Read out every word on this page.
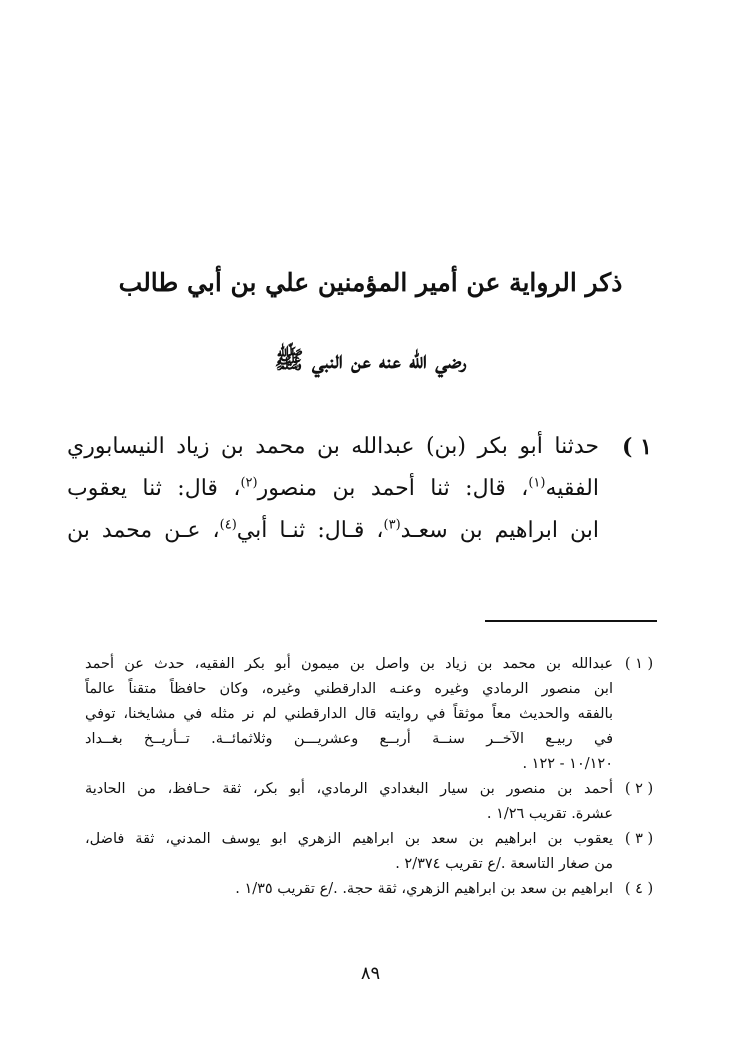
ذكر الرواية عن أمير المؤمنين علي بن أبي طالب
رضي الله عنه عن النبي ﷺ
١ )
حدثنا أبو بكر (بن) عبدالله بن محمد بن زياد النيسابوري
الفقيه$^{(١)}$، قال: ثنا أحمد بن منصور$^{(٢)}$، قال: ثنا يعقوب
ابن ابراهيم بن سعـد$^{(٣)}$، قـال: ثنـا أبي$^{(٤)}$، عـن محمد بن
( ١ )
عبدالله بن محمد بن زياد بن واصل بن ميمون أبو بكر الفقيه، حدث عن أحمد
ابن منصور الرمادي وغيره وعنـه الدارقطني وغيره، وكان حافظاً متقناً عالماً
بالفقه والحديث معاً موثقاً في روايته قال الدارقطني لم نر مثله في مشايخنا، توفي
في ربيـع الآخــر سنــة أربــع وعشريـــن وثلاثمائــة. تــأريــخ بغــداد
١٠/١٢٠ - ١٢٢ .
( ٢ )
أحمد بن منصور بن سيار البغدادي الرمادي، أبو بكر، ثقة حـافظ، من الحادية
عشرة. تقريب ١/٢٦ .
( ٣ )
يعقوب بن ابراهيم بن سعد بن ابراهيم الزهري ابو يوسف المدني، ثقة فاضل،
من صغار التاسعة ./ع تقريب ٢/٣٧٤ .
( ٤ )
ابراهيم بن سعد بن ابراهيم الزهري، ثقة حجة. ./ع تقريب ١/٣٥ .
٨٩
